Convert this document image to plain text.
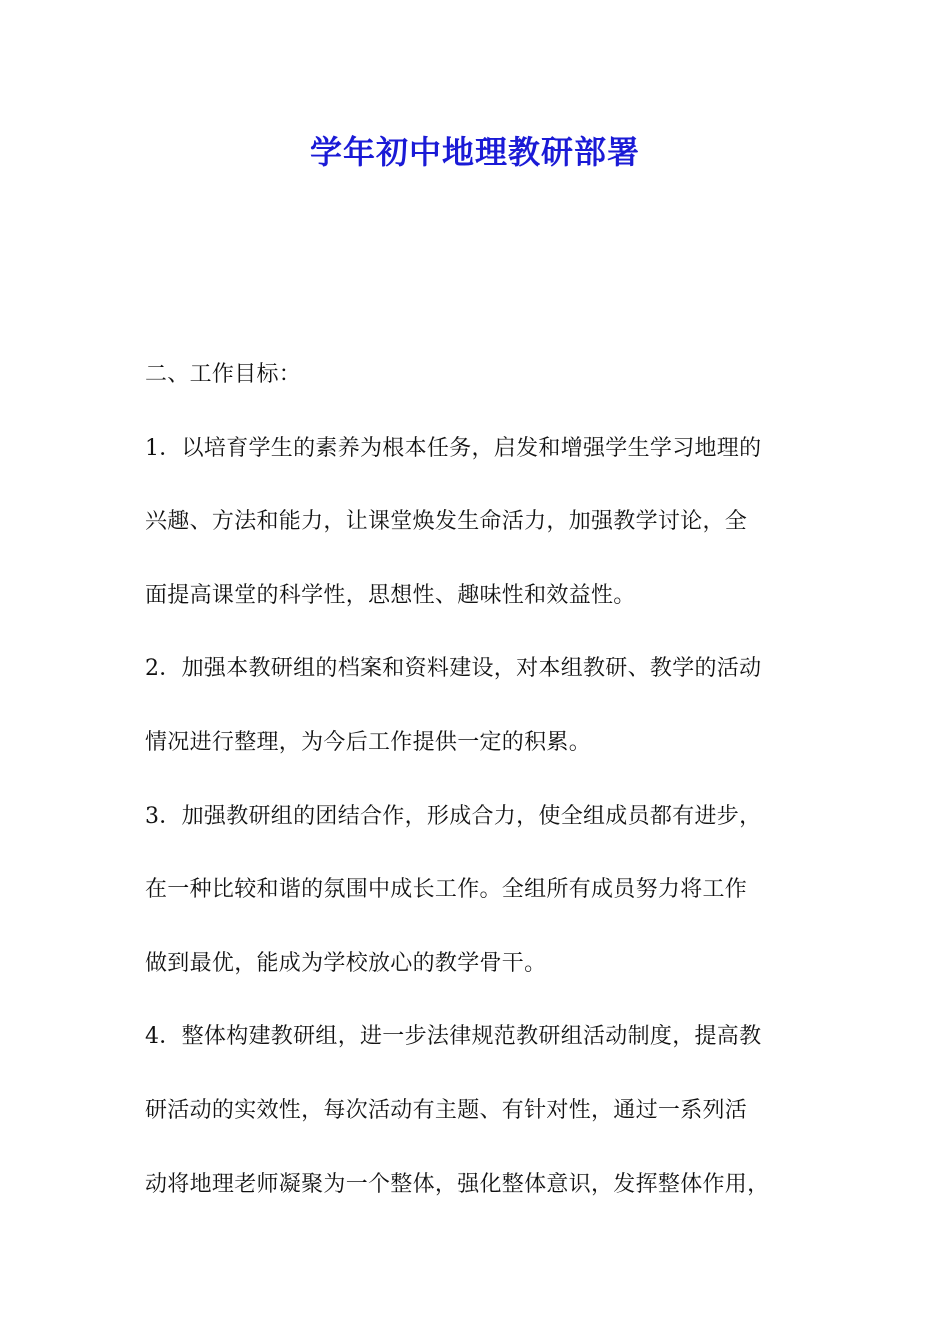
学年初中地理教研部署

二、工作目标：

1．以培育学生的素养为根本任务，启发和增强学生学习地理的

兴趣、方法和能力，让课堂焕发生命活力，加强教学讨论，全

面提高课堂的科学性，思想性、趣味性和效益性。

2．加强本教研组的档案和资料建设，对本组教研、教学的活动

情况进行整理，为今后工作提供一定的积累。

3．加强教研组的团结合作，形成合力，使全组成员都有进步，

在一种比较和谐的氛围中成长工作。全组所有成员努力将工作

做到最优，能成为学校放心的教学骨干。

4．整体构建教研组，进一步法律规范教研组活动制度，提高教

研活动的实效性，每次活动有主题、有针对性，通过一系列活

动将地理老师凝聚为一个整体，强化整体意识，发挥整体作用，
